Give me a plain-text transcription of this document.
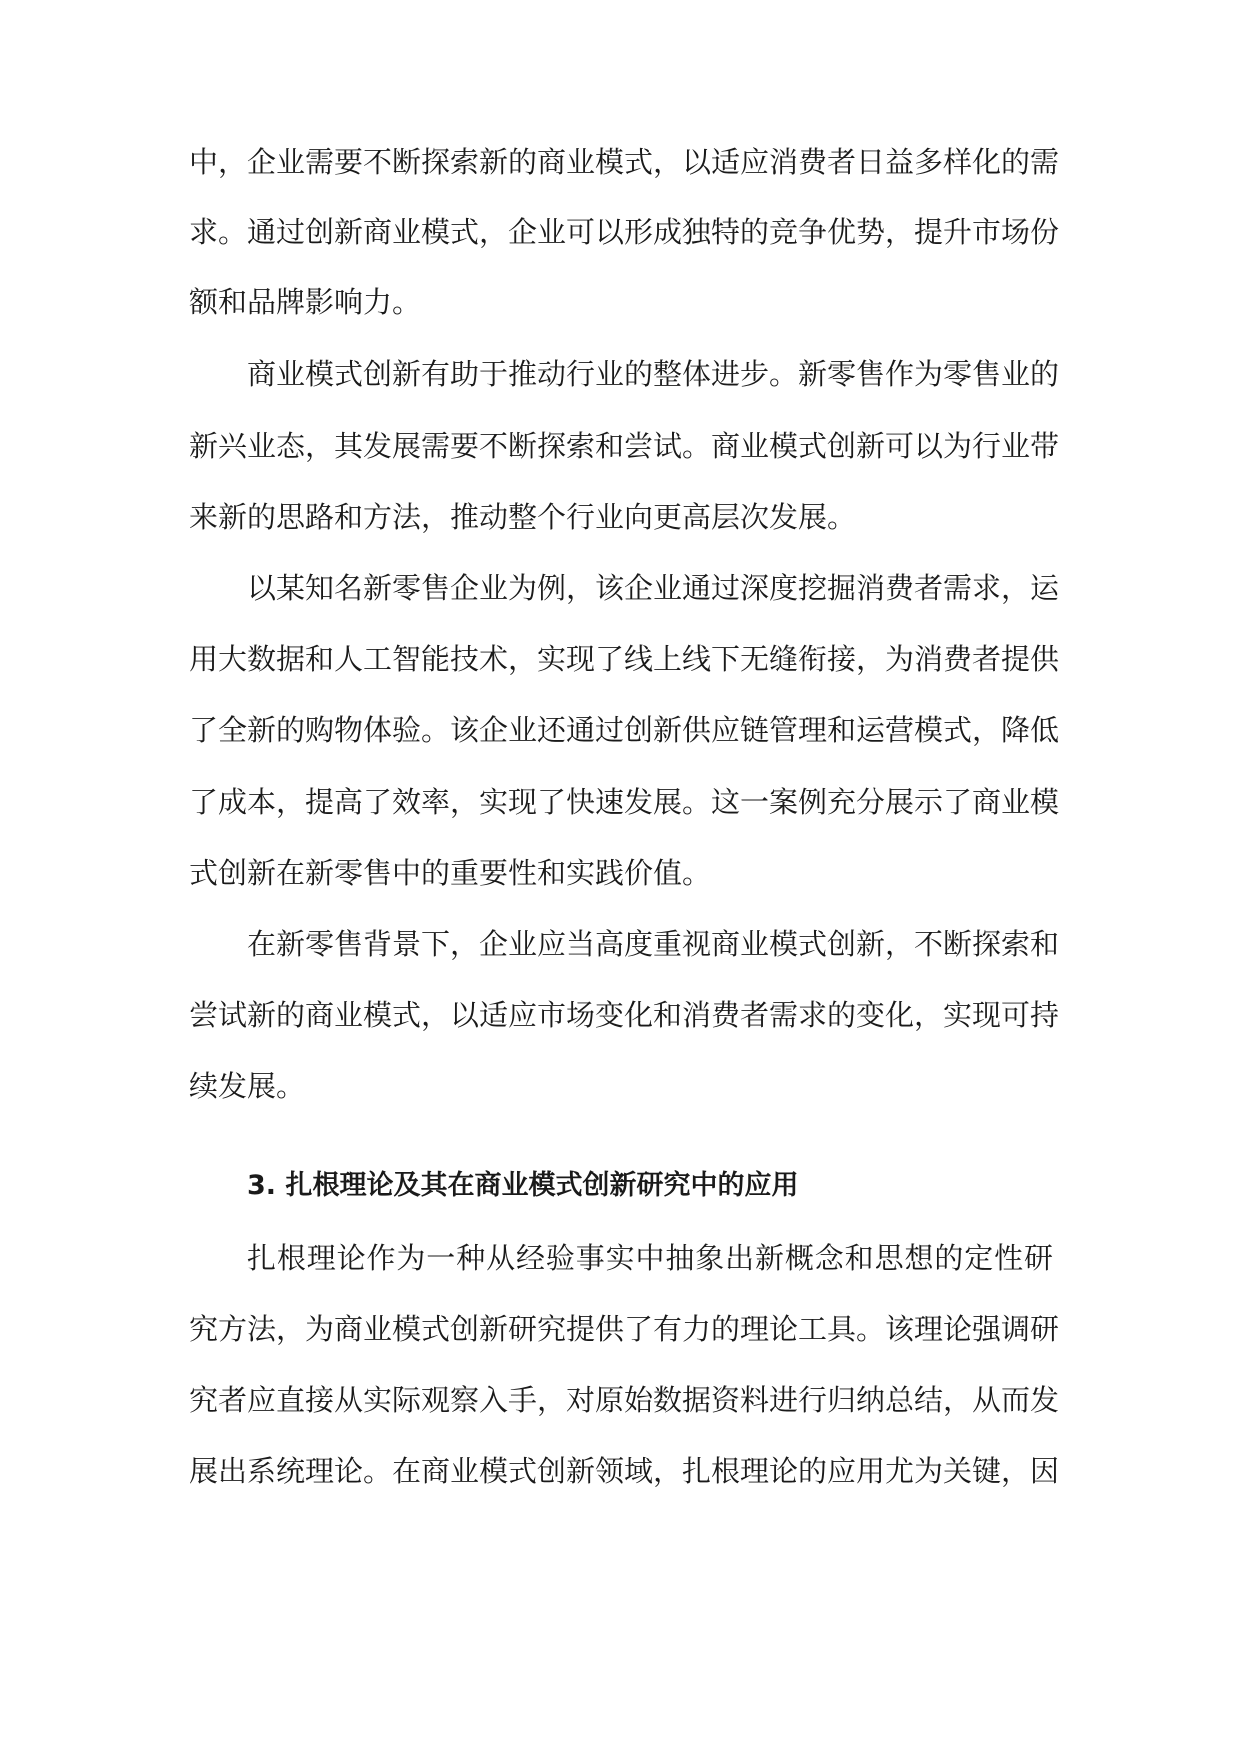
中，企业需要不断探索新的商业模式，以适应消费者日益多样化的需
求。通过创新商业模式，企业可以形成独特的竞争优势，提升市场份
额和品牌影响力。
商业模式创新有助于推动行业的整体进步。新零售作为零售业的
新兴业态，其发展需要不断探索和尝试。商业模式创新可以为行业带
来新的思路和方法，推动整个行业向更高层次发展。
以某知名新零售企业为例，该企业通过深度挖掘消费者需求，运
用大数据和人工智能技术，实现了线上线下无缝衔接，为消费者提供
了全新的购物体验。该企业还通过创新供应链管理和运营模式，降低
了成本，提高了效率，实现了快速发展。这一案例充分展示了商业模
式创新在新零售中的重要性和实践价值。
在新零售背景下，企业应当高度重视商业模式创新，不断探索和
尝试新的商业模式，以适应市场变化和消费者需求的变化，实现可持
续发展。
3. 扎根理论及其在商业模式创新研究中的应用
扎根理论作为一种从经验事实中抽象出新概念和思想的定性研
究方法，为商业模式创新研究提供了有力的理论工具。该理论强调研
究者应直接从实际观察入手，对原始数据资料进行归纳总结，从而发
展出系统理论。在商业模式创新领域，扎根理论的应用尤为关键，因
